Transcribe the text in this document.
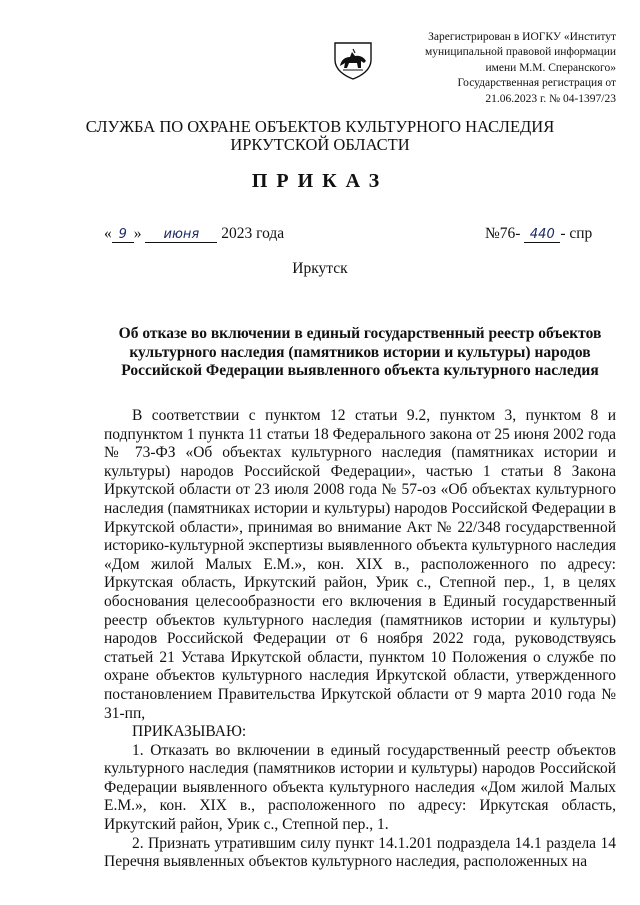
Зарегистрирован в ИОГКУ «Институт
муниципальной правовой информации
имени М.М. Сперанского»
Государственная регистрация от
21.06.2023 г. № 04-1397/23
СЛУЖБА ПО ОХРАНЕ ОБЪЕКТОВ КУЛЬТУРНОГО НАСЛЕДИЯ
ИРКУТСКОЙ ОБЛАСТИ
ПРИКАЗ
« 9 » июня 2023 года	№76- 440 - спр
Иркутск
Об отказе во включении в единый государственный реестр объектов культурного наследия (памятников истории и культуры) народов Российской Федерации выявленного объекта культурного наследия

В соответствии с пунктом 12 статьи 9.2, пунктом 3, пунктом 8 и подпунктом 1 пункта 11 статьи 18 Федерального закона от 25 июня 2002 года № 73-ФЗ «Об объектах культурного наследия (памятниках истории и культуры) народов Российской Федерации», частью 1 статьи 8 Закона Иркутской области от 23 июля 2008 года № 57-оз «Об объектах культурного наследия (памятниках истории и культуры) народов Российской Федерации в Иркутской области», принимая во внимание Акт № 22/348 государственной историко-культурной экспертизы выявленного объекта культурного наследия «Дом жилой Малых Е.М.», кон. XIX в., расположенного по адресу: Иркутская область, Иркутский район, Урик с., Степной пер., 1, в целях обоснования целесообразности его включения в Единый государственный реестр объектов культурного наследия (памятников истории и культуры) народов Российской Федерации от 6 ноября 2022 года, руководствуясь статьей 21 Устава Иркутской области, пунктом 10 Положения о службе по охране объектов культурного наследия Иркутской области, утвержденного постановлением Правительства Иркутской области от 9 марта 2010 года № 31-пп,

ПРИКАЗЫВАЮ:

1. Отказать во включении в единый государственный реестр объектов культурного наследия (памятников истории и культуры) народов Российской Федерации выявленного объекта культурного наследия «Дом жилой Малых Е.М.», кон. XIX в., расположенного по адресу: Иркутская область, Иркутский район, Урик с., Степной пер., 1.

2. Признать утратившим силу пункт 14.1.201 подраздела 14.1 раздела 14 Перечня выявленных объектов культурного наследия, расположенных на
